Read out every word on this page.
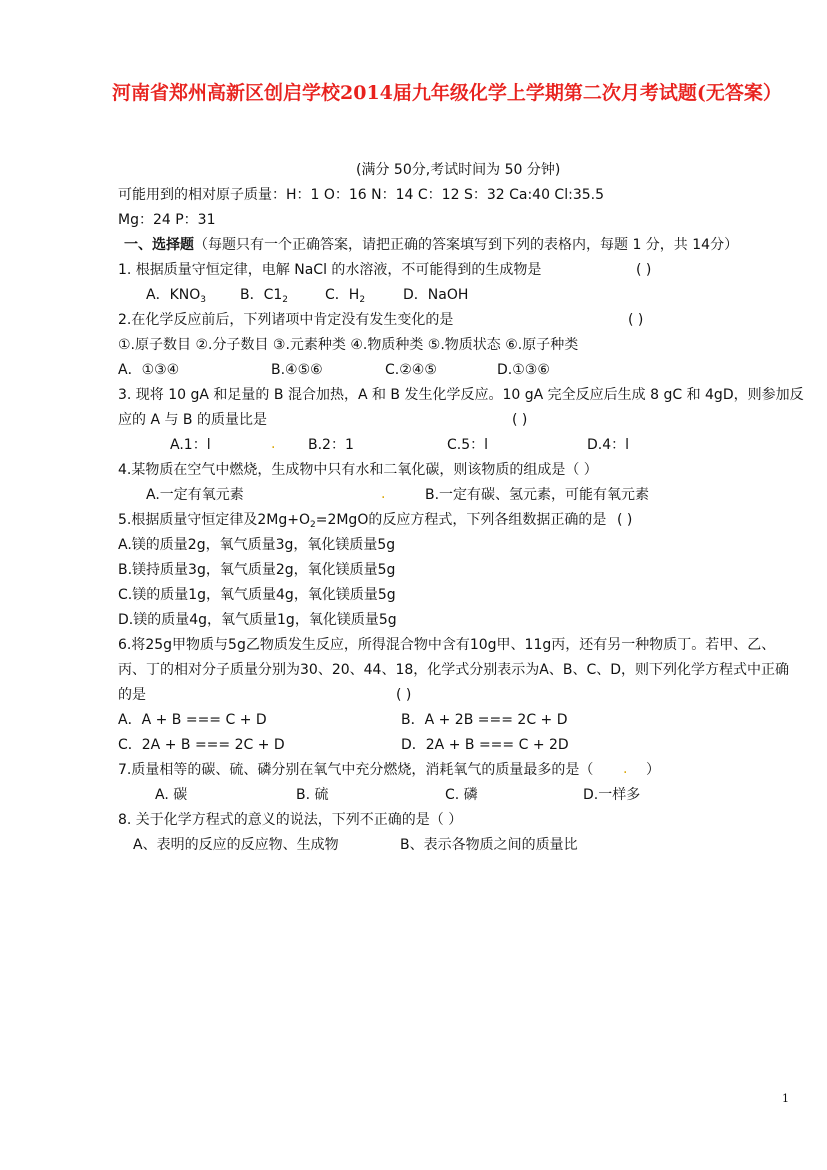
河南省郑州高新区创启学校2014届九年级化学上学期第二次月考试题(无答案）
(满分 50分,考试时间为 50 分钟)
可能用到的相对原子质量：H：1 O：16 N：14 C：12 S：32 Ca:40 Cl:35.5
Mg：24 P：31
一、选择题（每题只有一个正确答案，请把正确的答案填写到下列的表格内，每题 1 分，共 14分）
1. 根据质量守恒定律，电解 NaCl 的水溶液，不可能得到的生成物是	( )
A．$KNO_3$ B．$C1_2$	C．$H_2$	D．NaOH
2.在化学反应前后，下列诸项中肯定没有发生变化的是	( )
①.原子数目 ②.分子数目 ③.元素种类 ④.物质种类 ⑤.物质状态 ⑥.原子种类
A．①③④	B.④⑤⑥	C.②④⑤	D.①③⑥
3. 现将 10 gA 和足量的 B 混合加热，A 和 B 发生化学反应。10 gA 完全反应后生成 8 gC 和 4gD，则参加反
应的 A 与 B 的质量比是	( )
A.1：l	. B.2：1	C.5：l	D.4：l
4.某物质在空气中燃烧，生成物中只有水和二氧化碳，则该物质的组成是（ ）
A.一定有氧元素	.	B.一定有碳、氢元素，可能有氧元素
5.根据质量守恒定律及$2Mg+O_2=2MgO$的反应方程式，下列各组数据正确的是 ( )
A.镁的质量2g，氧气质量3g，氧化镁质量5g
B.镁持质量3g，氧气质量2g，氧化镁质量5g
C.镁的质量1g，氧气质量4g，氧化镁质量5g
D.镁的质量4g，氧气质量1g，氧化镁质量5g
6.将25g甲物质与5g乙物质发生反应，所得混合物中含有10g甲、11g丙，还有另一种物质丁。若甲、乙、
丙、丁的相对分子质量分别为30、20、44、18，化学式分别表示为A、B、C、D，则下列化学方程式中正确
的是	( )
A．A + B === C + D	B．A + 2B === 2C + D
C．2A + B === 2C + D	D．2A + B === C + 2D
7.质量相等的碳、硫、磷分别在氧气中充分燃烧，消耗氧气的质量最多的是（ . ）
A. 碳	B. 硫	C. 磷	D.一样多
8. 关于化学方程式的意义的说法，下列不正确的是（ ）
A、表明的反应的反应物、生成物	B、表示各物质之间的质量比
1
